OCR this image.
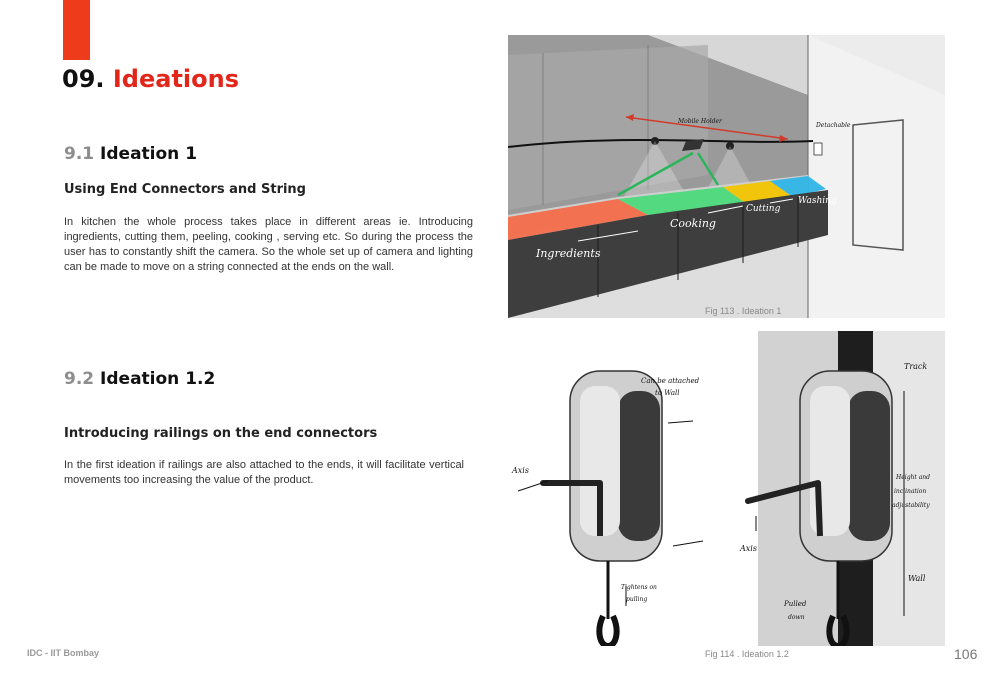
09. Ideations
9.1 Ideation 1
Using End Connectors and String

In kitchen the whole process takes place in different areas ie. Introducing ingredients, cutting them, peeling, cooking , serving etc. So during the process the user has to constantly shift the camera. So the whole set up of camera and lighting can be made to move on a string connected at the ends on the wall.

9.2 Ideation 1.2
Introducing railings on the end connectors

In the first ideation if railings are also attached to the ends, it will facilitate vertical movements too increasing the value of the product.

Mobile Holder
Detachable
Ingredients
Cooking
Cutting
Washing
Fig 113 . Ideation 1
Can be attached
to Wall
Axis
Tightens on
pulling
Axis
Pulled
down
Track
Height and
inclination
adjustability
Wall
IDC - IIT Bombay	Fig 114 . Ideation 1.2	106
